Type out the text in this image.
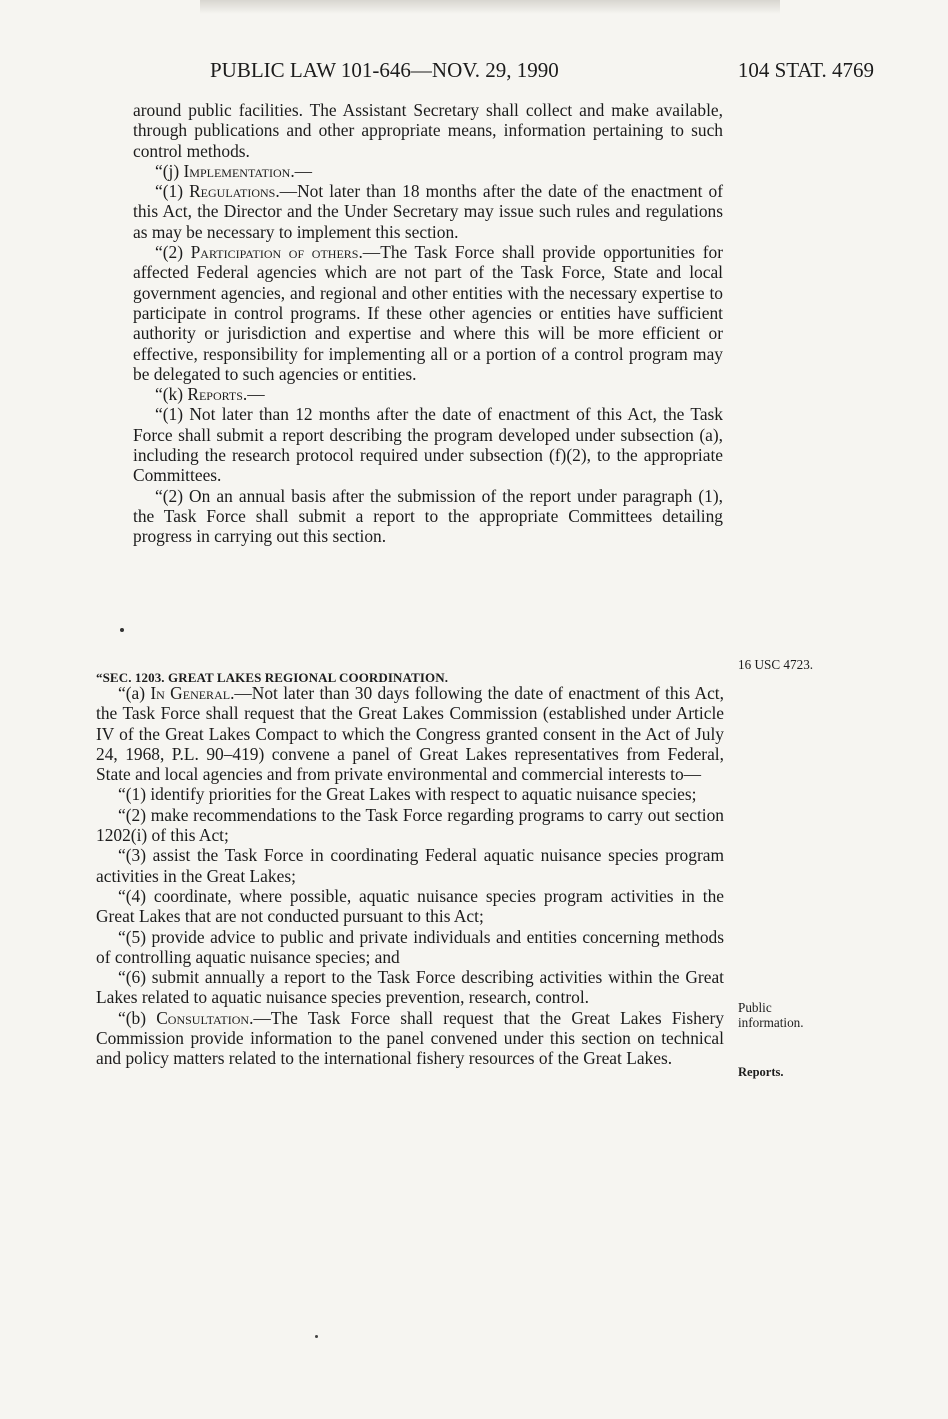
PUBLIC LAW 101-646—NOV. 29, 1990	104 STAT. 4769

around public facilities. The Assistant Secretary shall collect and make available, through publications and other appropriate means, information pertaining to such control methods.

“(j) Implementation.—

“(1) Regulations.—Not later than 18 months after the date of the enactment of this Act, the Director and the Under Secretary may issue such rules and regulations as may be necessary to implement this section.

“(2) Participation of others.—The Task Force shall provide opportunities for affected Federal agencies which are not part of the Task Force, State and local government agencies, and regional and other entities with the necessary expertise to participate in control programs. If these other agencies or entities have sufficient authority or jurisdiction and expertise and where this will be more efficient or effective, responsibility for implementing all or a portion of a control program may be delegated to such agencies or entities.

“(k) Reports.—

“(1) Not later than 12 months after the date of enactment of this Act, the Task Force shall submit a report describing the program developed under subsection (a), including the research protocol required under subsection (f)(2), to the appropriate Committees.

“(2) On an annual basis after the submission of the report under paragraph (1), the Task Force shall submit a report to the appropriate Committees detailing progress in carrying out this section.

“SEC. 1203. GREAT LAKES REGIONAL COORDINATION.

“(a) In General.—Not later than 30 days following the date of enactment of this Act, the Task Force shall request that the Great Lakes Commission (established under Article IV of the Great Lakes Compact to which the Congress granted consent in the Act of July 24, 1968, P.L. 90–419) convene a panel of Great Lakes representatives from Federal, State and local agencies and from private environmental and commercial interests to—

“(1) identify priorities for the Great Lakes with respect to aquatic nuisance species;

“(2) make recommendations to the Task Force regarding programs to carry out section 1202(i) of this Act;

“(3) assist the Task Force in coordinating Federal aquatic nuisance species program activities in the Great Lakes;

“(4) coordinate, where possible, aquatic nuisance species program activities in the Great Lakes that are not conducted pursuant to this Act;

“(5) provide advice to public and private individuals and entities concerning methods of controlling aquatic nuisance species; and

“(6) submit annually a report to the Task Force describing activities within the Great Lakes related to aquatic nuisance species prevention, research, control.

“(b) Consultation.—The Task Force shall request that the Great Lakes Fishery Commission provide information to the panel convened under this section on technical and policy matters related to the international fishery resources of the Great Lakes.

16 USC 4723.
Public
information.
Reports.
